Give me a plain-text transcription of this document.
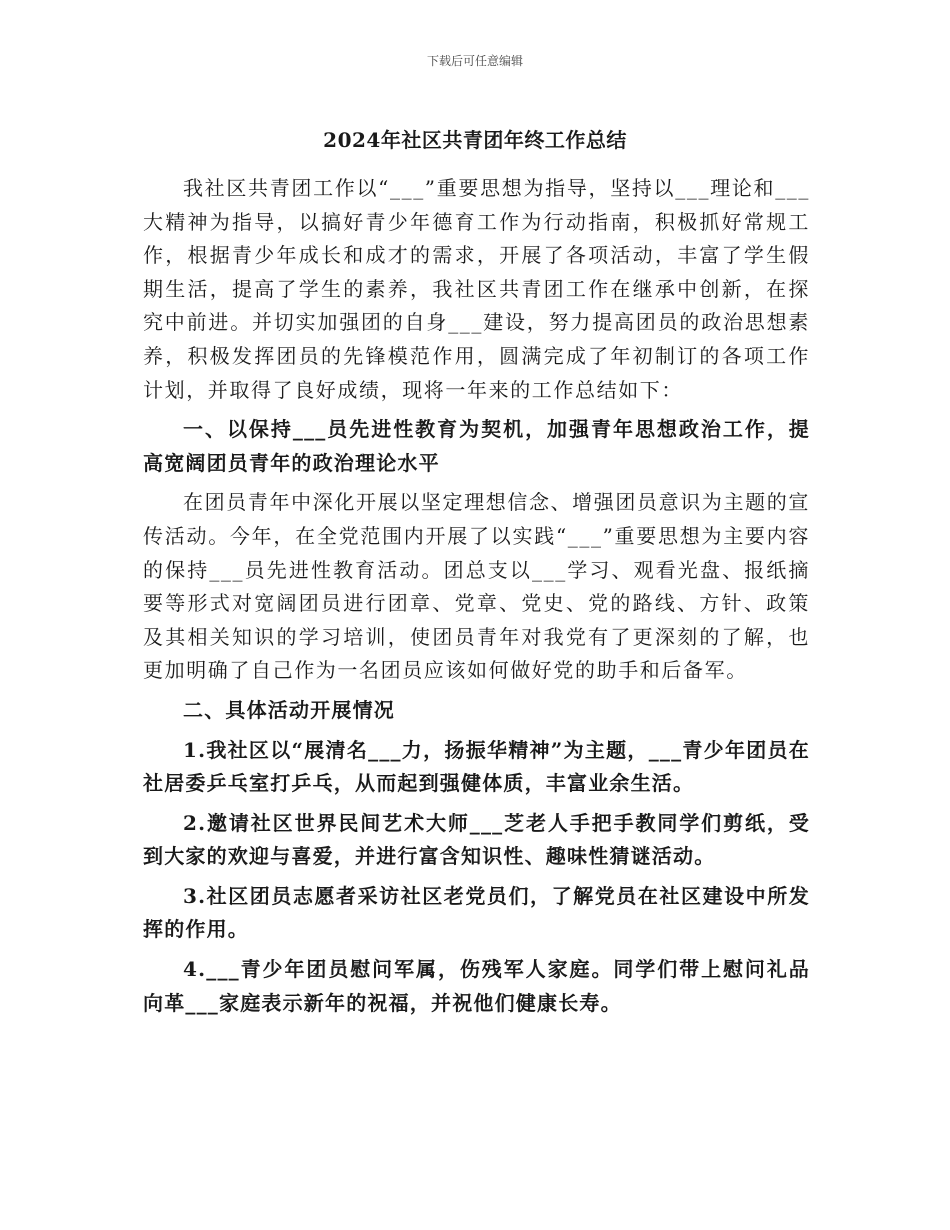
下载后可任意编辑
2024年社区共青团年终工作总结

我社区共青团工作以“___”重要思想为指导，坚持以___理论和___大精神为指导，以搞好青少年德育工作为行动指南，积极抓好常规工作，根据青少年成长和成才的需求，开展了各项活动，丰富了学生假期生活，提高了学生的素养，我社区共青团工作在继承中创新，在探究中前进。并切实加强团的自身___建设，努力提高团员的政治思想素养，积极发挥团员的先锋模范作用，圆满完成了年初制订的各项工作计划，并取得了良好成绩，现将一年来的工作总结如下：

一、以保持___员先进性教育为契机，加强青年思想政治工作，提高宽阔团员青年的政治理论水平

在团员青年中深化开展以坚定理想信念、增强团员意识为主题的宣传活动。今年，在全党范围内开展了以实践“___”重要思想为主要内容的保持___员先进性教育活动。团总支以___学习、观看光盘、报纸摘要等形式对宽阔团员进行团章、党章、党史、党的路线、方针、政策及其相关知识的学习培训，使团员青年对我党有了更深刻的了解，也更加明确了自己作为一名团员应该如何做好党的助手和后备军。

二、具体活动开展情况

1.我社区以“展清名___力，扬振华精神”为主题，___青少年团员在社居委乒乓室打乒乓，从而起到强健体质，丰富业余生活。

2.邀请社区世界民间艺术大师___芝老人手把手教同学们剪纸，受到大家的欢迎与喜爱，并进行富含知识性、趣味性猜谜活动。

3.社区团员志愿者采访社区老党员们，了解党员在社区建设中所发挥的作用。

4.___青少年团员慰问军属，伤残军人家庭。同学们带上慰问礼品向革___家庭表示新年的祝福，并祝他们健康长寿。
